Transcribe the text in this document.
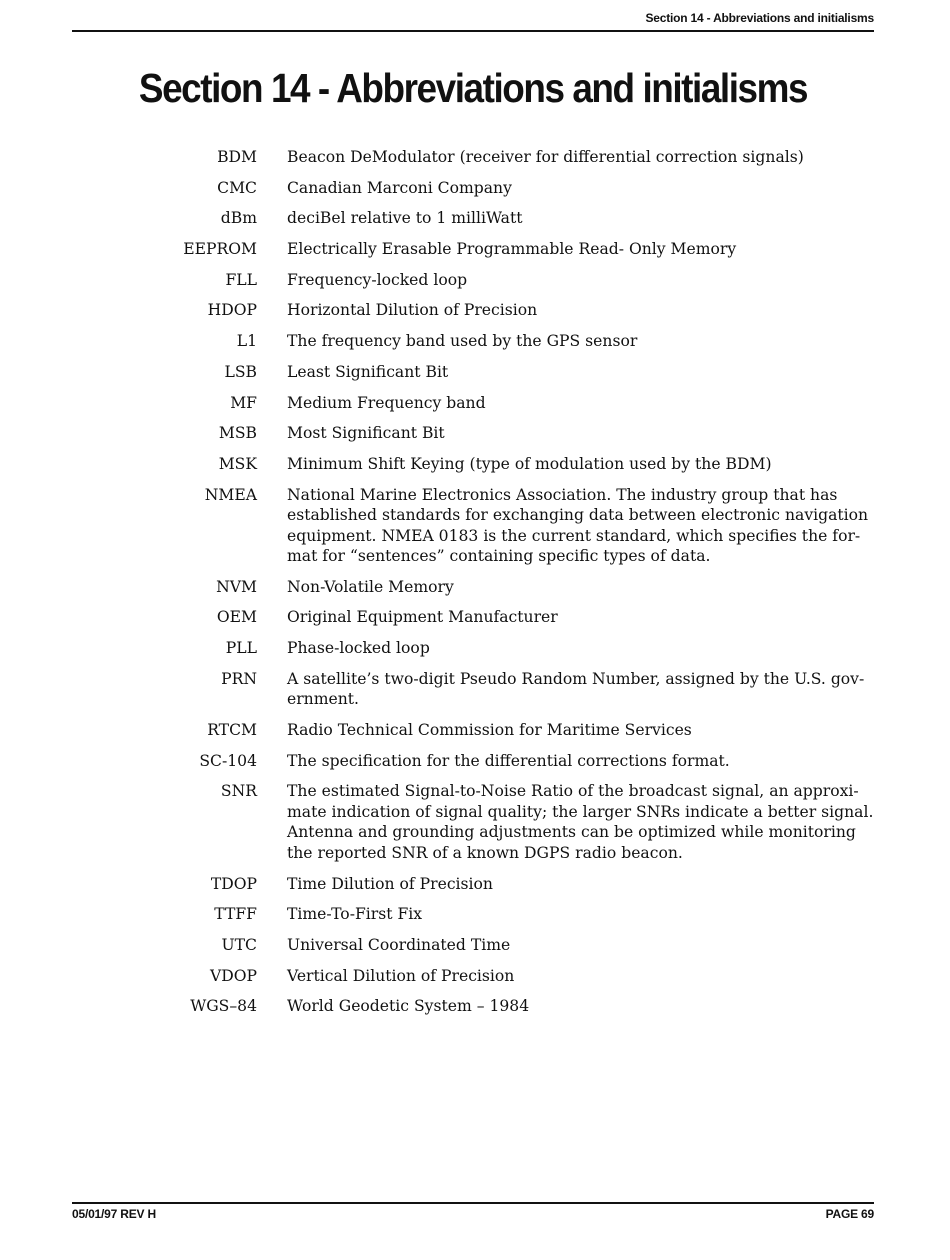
Section 14 - Abbreviations and initialisms
Section 14 - Abbreviations and initialisms
BDM	Beacon DeModulator (receiver for differential correction signals)
CMC	Canadian Marconi Company
dBm	deciBel relative to 1 milliWatt
EEPROM	Electrically Erasable Programmable Read- Only Memory
FLL	Frequency-locked loop
HDOP	Horizontal Dilution of Precision
L1	The frequency band used by the GPS sensor
LSB	Least Significant Bit
MF	Medium Frequency band
MSB	Most Significant Bit
MSK	Minimum Shift Keying (type of modulation used by the BDM)
NMEA	National Marine Electronics Association. The industry group that has established standards for exchanging data between electronic navigation equipment. NMEA 0183 is the current standard, which specifies the for-mat for “sentences” containing specific types of data.
NVM	Non-Volatile Memory
OEM	Original Equipment Manufacturer
PLL	Phase-locked loop
PRN	A satellite’s two-digit Pseudo Random Number, assigned by the U.S. gov-ernment.
RTCM	Radio Technical Commission for Maritime Services
SC-104	The specification for the differential corrections format.
SNR	The estimated Signal-to-Noise Ratio of the broadcast signal, an approxi-mate indication of signal quality; the larger SNRs indicate a better signal. Antenna and grounding adjustments can be optimized while monitoring the reported SNR of a known DGPS radio beacon.
TDOP	Time Dilution of Precision
TTFF	Time-To-First Fix
UTC	Universal Coordinated Time
VDOP	Vertical Dilution of Precision
WGS–84	World Geodetic System – 1984
05/01/97 REV H	PAGE 69
